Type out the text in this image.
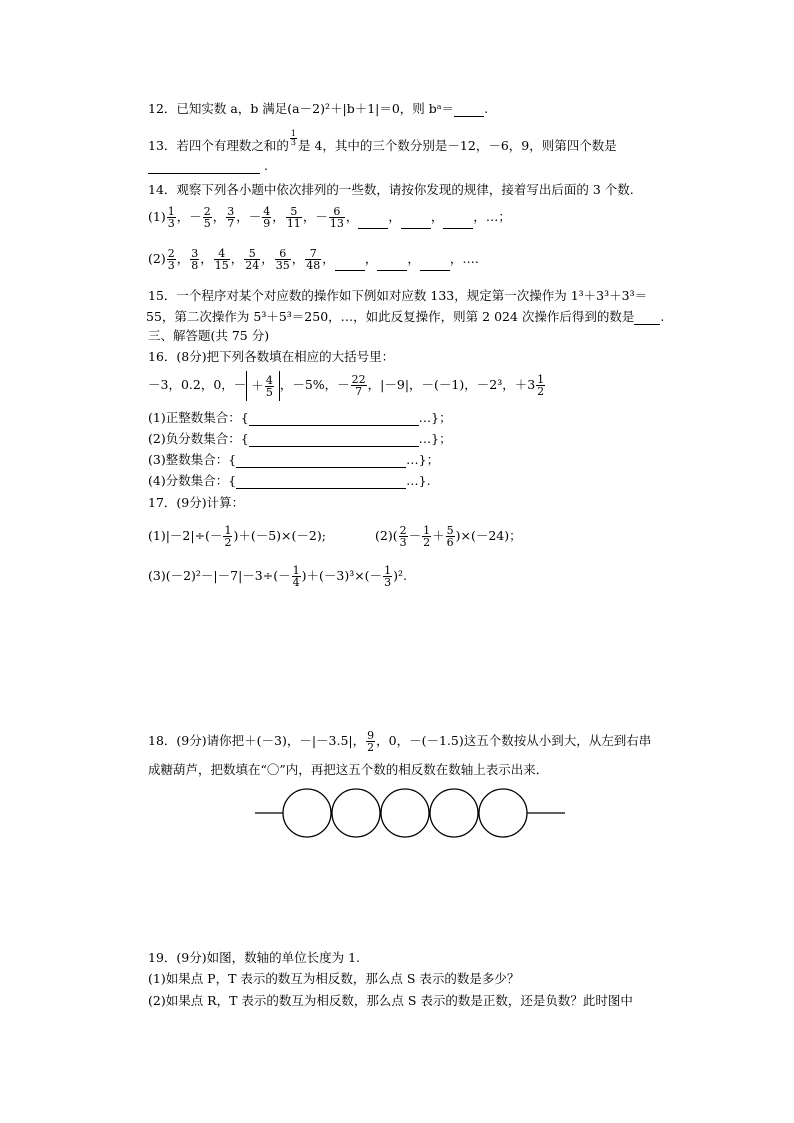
12．已知实数 a，b 满足(a－2)²＋|b＋1|＝0，则 bᵃ＝ .
13．若四个有理数之和的 $\frac{1}{3}$ 是 4，其中的三个数分别是－12，－6，9，则第四个数是
.
14．观察下列各小题中依次排列的一些数，请按你发现的规律，接着写出后面的 3 个数.
$(1) \frac{1}{3}$ ，－ $\frac{2}{5}$ ， $\frac{3}{7}$ ，－ $\frac{4}{9}$ ， $\frac{5}{11}$ ，－ $\frac{6}{13}$ ， ， ， ，…；
$(2) \frac{2}{3}$ ， $\frac{3}{8}$ ， $\frac{4}{15}$ ， $\frac{5}{24}$ ， $\frac{6}{35}$ ， $\frac{7}{48}$ ， ， ， ，….
15．一个程序对某个对应数的操作如下例如对应数 133，规定第一次操作为 1³＋3³＋3³＝
55，第二次操作为 5³＋5³＝250，…，如此反复操作，则第 2 024 次操作后得到的数是 .
三、解答题(共 75 分)
16．(8分)把下列各数填在相应的大括号里：
－3，0.2，0，－ ＋ $\frac{4}{5}$ ，－5%，－ $\frac{22}{7}$ ，|－9|，－(－1)，－2³，$+3 \frac{1}{2}$
(1)正整数集合：{	…}；
(2)负分数集合：{	…}；
(3)整数集合：{	…}；
(4)分数集合：{	…}.
17．(9分)计算：
$(1)|-2|\div(- \frac{1}{2} )+(-5)\times(-2)$;	$(2)( \frac{2}{3} - \frac{1}{2} + \frac{5}{6} )\times(-24)$；
$(3)(-2)^2-|-7|-3\div(- \frac{1}{4} )+(-3)^3\times(- \frac{1}{3} )^2$.
18．(9分)请你把＋(－3)，－|－3.5|， $\frac{9}{2}$ ，0，－(－1.5)这五个数按从小到大，从左到右串
成糖葫芦，把数填在“〇”内，再把这五个数的相反数在数轴上表示出来．
19．(9分)如图，数轴的单位长度为 1.
(1)如果点 P，T 表示的数互为相反数，那么点 S 表示的数是多少？
(2)如果点 R，T 表示的数互为相反数，那么点 S 表示的数是正数，还是负数？此时图中
